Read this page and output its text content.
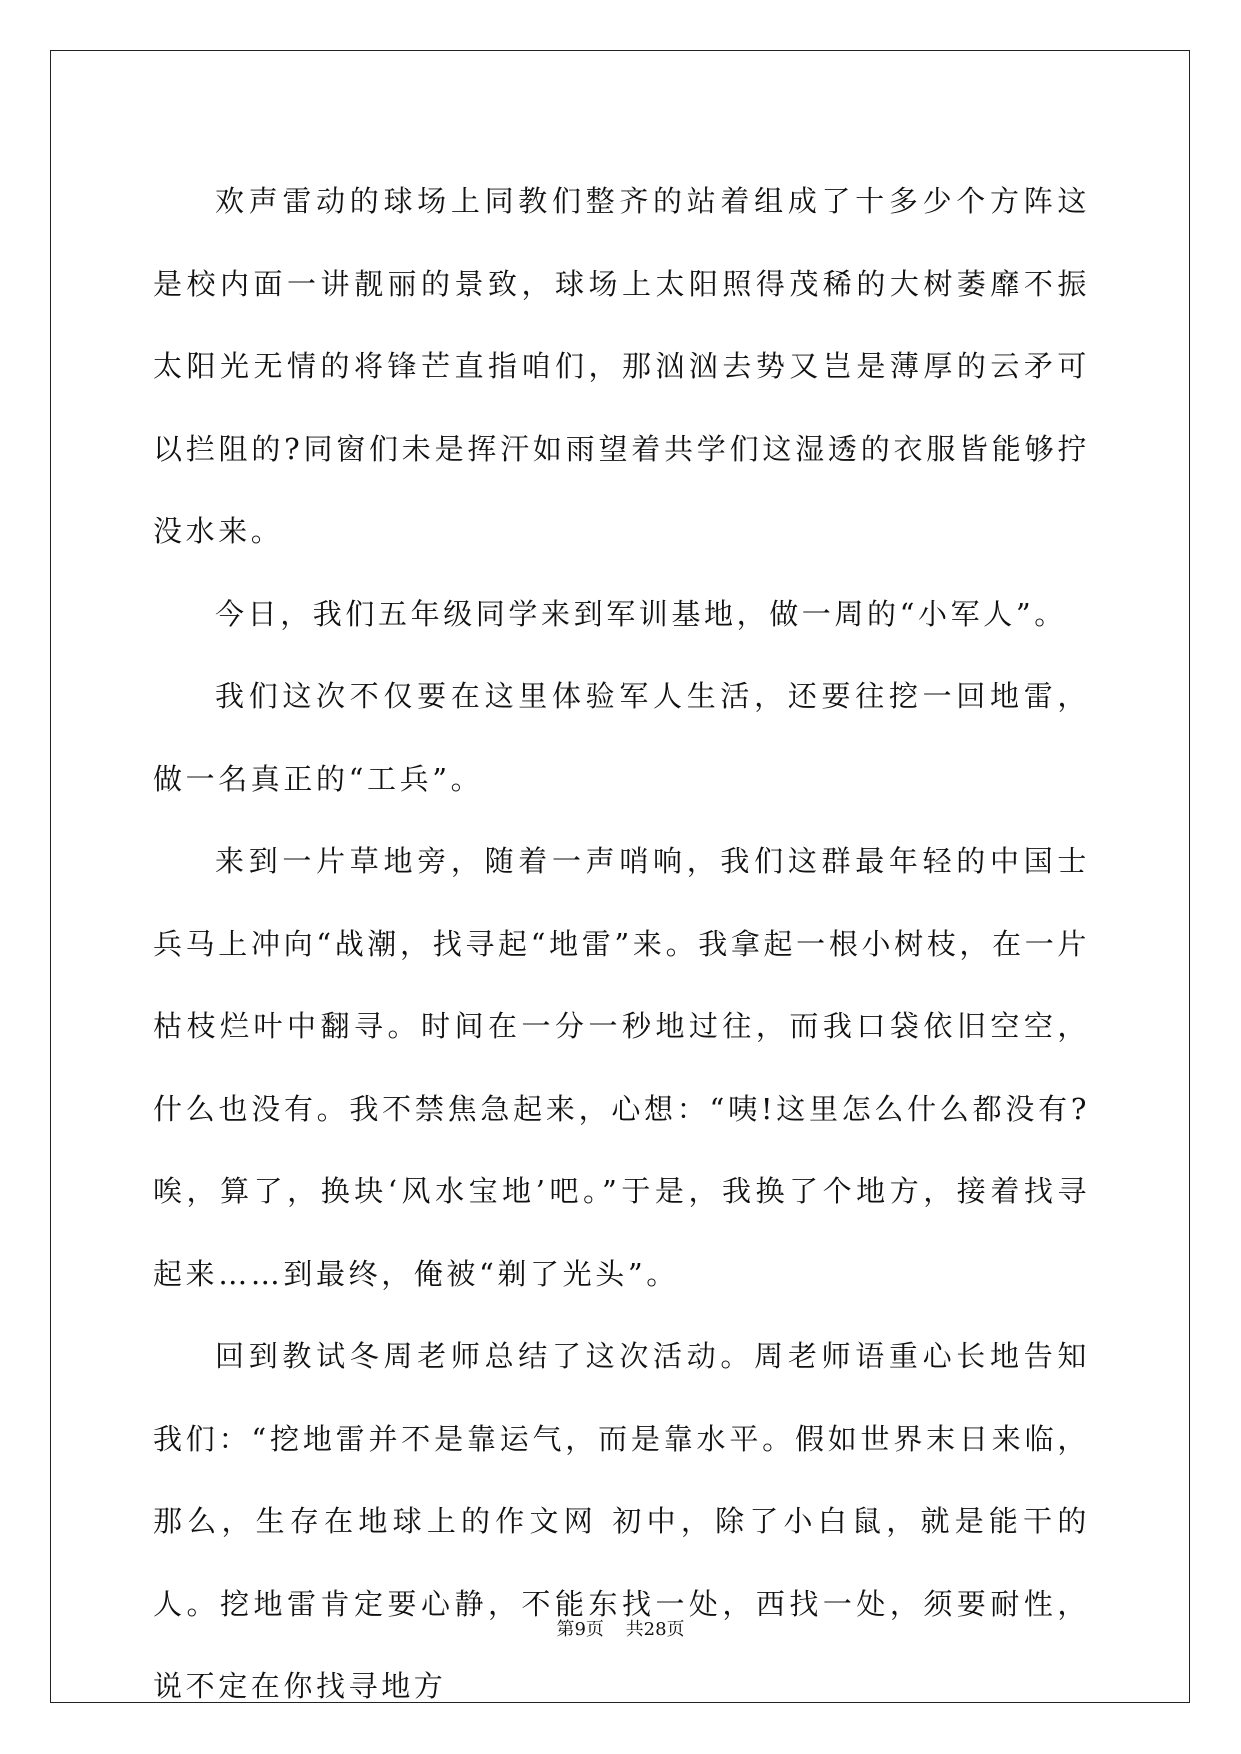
欢声雷动的球场上同教们整齐的站着组成了十多少个方阵这是校内面一讲靓丽的景致，球场上太阳照得茂稀的大树萎靡不振太阳光无情的将锋芒直指咱们，那汹汹去势又岂是薄厚的云矛可以拦阻的?同窗们未是挥汗如雨望着共学们这湿透的衣服皆能够拧没水来。

今日，我们五年级同学来到军训基地，做一周的“小军人”。

我们这次不仅要在这里体验军人生活，还要往挖一回地雷，做一名真正的“工兵”。

来到一片草地旁，随着一声哨响，我们这群最年轻的中国士兵马上冲向“战潮，找寻起“地雷”来。我拿起一根小树枝，在一片枯枝烂叶中翻寻。时间在一分一秒地过往，而我口袋依旧空空，什么也没有。我不禁焦急起来，心想：“咦!这里怎么什么都没有?唉，算了，换块‘风水宝地’吧。”于是，我换了个地方，接着找寻起来……到最终，俺被“剃了光头”。

回到教试冬周老师总结了这次活动。周老师语重心长地告知我们：“挖地雷并不是靠运气，而是靠水平。假如世界末日来临，那么，生存在地球上的作文网 初中，除了小白鼠，就是能干的人。挖地雷肯定要心静，不能东找一处，西找一处，须要耐性，说不定在你找寻地方

第9页 共28页
